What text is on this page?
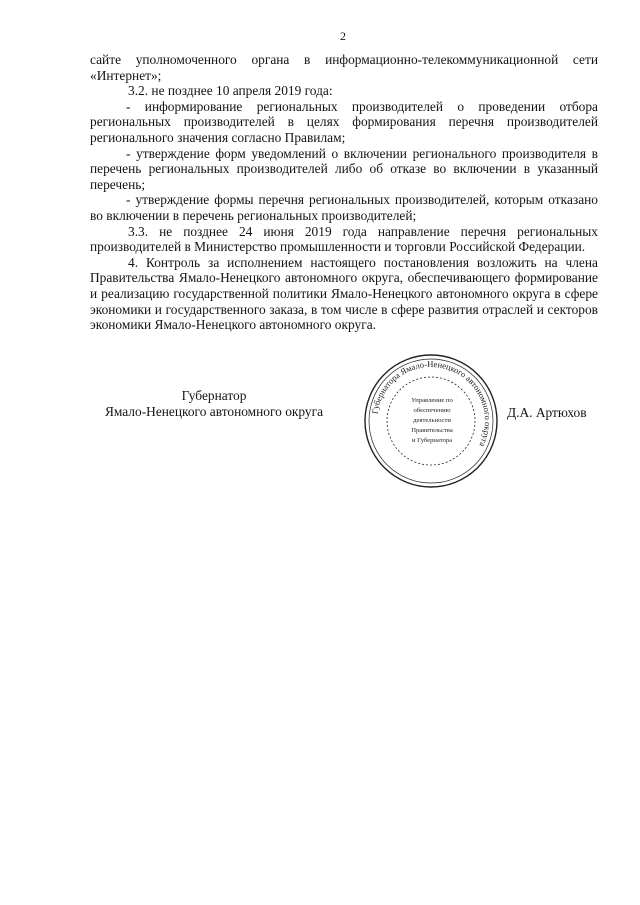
2

сайте уполномоченного органа в информационно-телекоммуникационной сети «Интернет»;

3.2. не позднее 10 апреля 2019 года:

- информирование региональных производителей о проведении отбора региональных производителей в целях формирования перечня производителей регионального значения согласно Правилам;

- утверждение форм уведомлений о включении регионального производителя в перечень региональных производителей либо об отказе во включении в указанный перечень;

- утверждение формы перечня региональных производителей, которым отказано во включении в перечень региональных производителей;

3.3. не позднее 24 июня 2019 года направление перечня региональных производителей в Министерство промышленности и торговли Российской Федерации.

4. Контроль за исполнением настоящего постановления возложить на члена Правительства Ямало-Ненецкого автономного округа, обеспечивающего формирование и реализацию государственной политики Ямало-Ненецкого автономного округа в сфере экономики и государственного заказа, в том числе в сфере развития отраслей и секторов экономики Ямало-Ненецкого автономного округа.

Губернатор
Ямало-Ненецкого автономного округа	Губернатора Ямало-Ненецкого автономного округа
Управление по
обеспечению
деятельности
Правительства
и Губернатора
Д.А. Артюхов
